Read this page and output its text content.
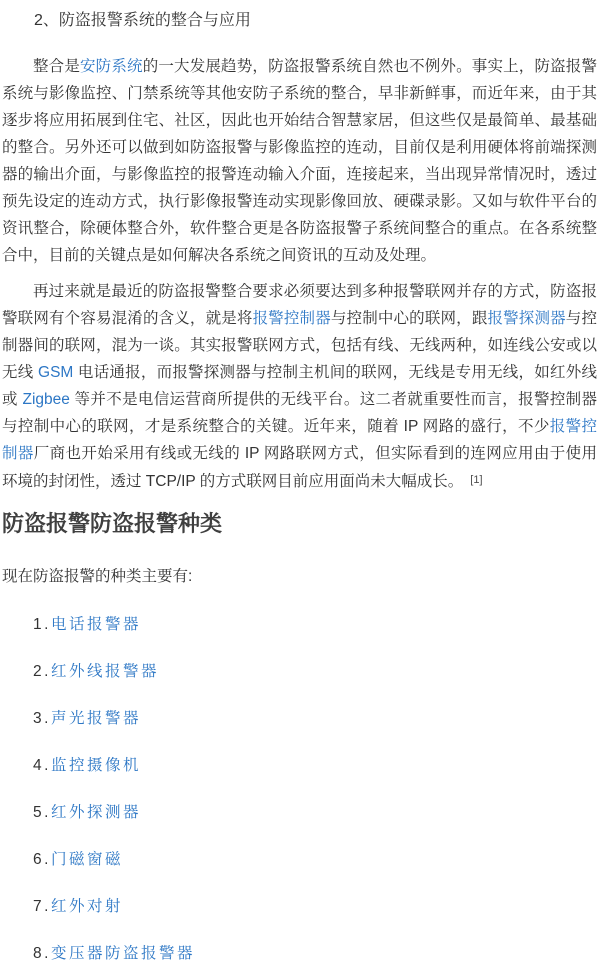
2、防盗报警系统的整合与应用

整合是安防系统的一大发展趋势，防盗报警系统自然也不例外。事实上，防盗报警系统与影像监控、门禁系统等其他安防子系统的整合，早非新鲜事，而近年来，由于其逐步将应用拓展到住宅、社区，因此也开始结合智慧家居，但这些仅是最简单、最基础的整合。另外还可以做到如防盗报警与影像监控的连动，目前仅是利用硬体将前端探测器的输出介面，与影像监控的报警连动输入介面，连接起来，当出现异常情况时，透过预先设定的连动方式，执行影像报警连动实现影像回放、硬碟录影。又如与软件平台的资讯整合，除硬体整合外，软件整合更是各防盗报警子系统间整合的重点。在各系统整合中，目前的关键点是如何解决各系统之间资讯的互动及处理。

再过来就是最近的防盗报警整合要求必须要达到多种报警联网并存的方式，防盗报警联网有个容易混淆的含义，就是将报警控制器与控制中心的联网，跟报警探测器与控制器间的联网，混为一谈。其实报警联网方式，包括有线、无线两种，如连线公安或以无线 GSM 电话通报，而报警探测器与控制主机间的联网，无线是专用无线，如红外线或 Zigbee 等并不是电信运营商所提供的无线平台。这二者就重要性而言，报警控制器与控制中心的联网，才是系统整合的关键。近年来，随着 IP 网路的盛行，不少报警控制器厂商也开始采用有线或无线的 IP 网路联网方式，但实际看到的连网应用由于使用环境的封闭性，透过 TCP/IP 的方式联网目前应用面尚未大幅成长。 [1]

防盗报警防盗报警种类

现在防盗报警的种类主要有:

1.电话报警器
2.红外线报警器
3.声光报警器
4.监控摄像机
5.红外探测器
6.门磁窗磁
7.红外对射
8.变压器防盗报警器
